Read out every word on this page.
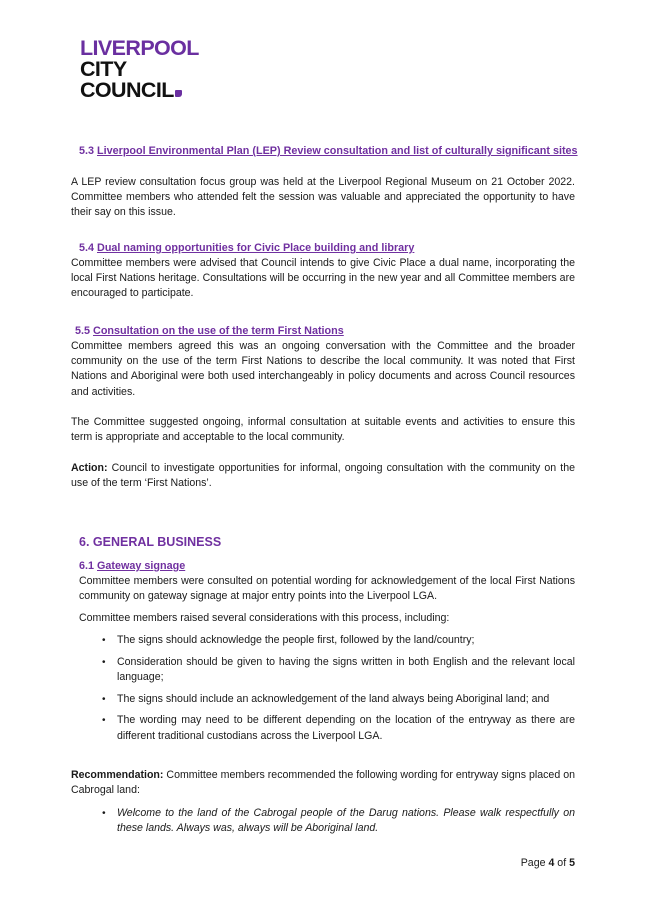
LIVERPOOL
CITY
COUNCIL
5.3 Liverpool Environmental Plan (LEP) Review consultation and list of culturally significant sites
A LEP review consultation focus group was held at the Liverpool Regional Museum on 21 October 2022. Committee members who attended felt the session was valuable and appreciated the opportunity to have their say on this issue.
5.4 Dual naming opportunities for Civic Place building and library
Committee members were advised that Council intends to give Civic Place a dual name, incorporating the local First Nations heritage. Consultations will be occurring in the new year and all Committee members are encouraged to participate.
5.5 Consultation on the use of the term First Nations
Committee members agreed this was an ongoing conversation with the Committee and the broader community on the use of the term First Nations to describe the local community. It was noted that First Nations and Aboriginal were both used interchangeably in policy documents and across Council resources and activities.
The Committee suggested ongoing, informal consultation at suitable events and activities to ensure this term is appropriate and acceptable to the local community.
Action: Council to investigate opportunities for informal, ongoing consultation with the community on the use of the term ‘First Nations’.
6. GENERAL BUSINESS
6.1 Gateway signage
Committee members were consulted on potential wording for acknowledgement of the local First Nations community on gateway signage at major entry points into the Liverpool LGA.
Committee members raised several considerations with this process, including:
• The signs should acknowledge the people first, followed by the land/country;
• Consideration should be given to having the signs written in both English and the relevant local language;
• The signs should include an acknowledgement of the land always being Aboriginal land; and
• The wording may need to be different depending on the location of the entryway as there are different traditional custodians across the Liverpool LGA.
Recommendation: Committee members recommended the following wording for entryway signs placed on Cabrogal land:
• Welcome to the land of the Cabrogal people of the Darug nations. Please walk respectfully on these lands. Always was, always will be Aboriginal land.
Page 4 of 5
